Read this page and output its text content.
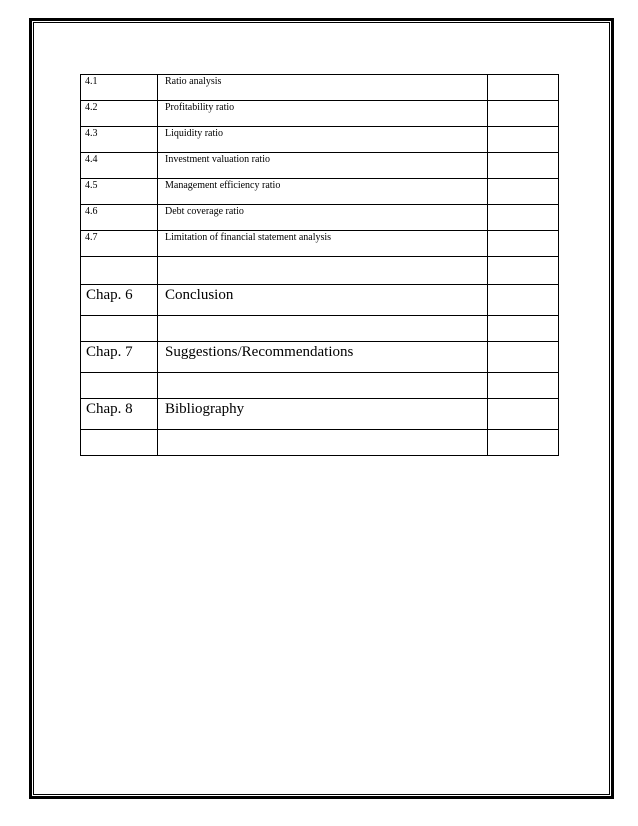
4.1	Ratio analysis	
4.2	Profitability ratio	
4.3	Liquidity ratio	
4.4	Investment valuation ratio	
4.5	Management efficiency ratio	
4.6	Debt coverage ratio	
4.7	Limitation of financial statement analysis	

Chap. 6	Conclusion	

Chap. 7	Suggestions/Recommendations	

Chap. 8	Bibliography	
